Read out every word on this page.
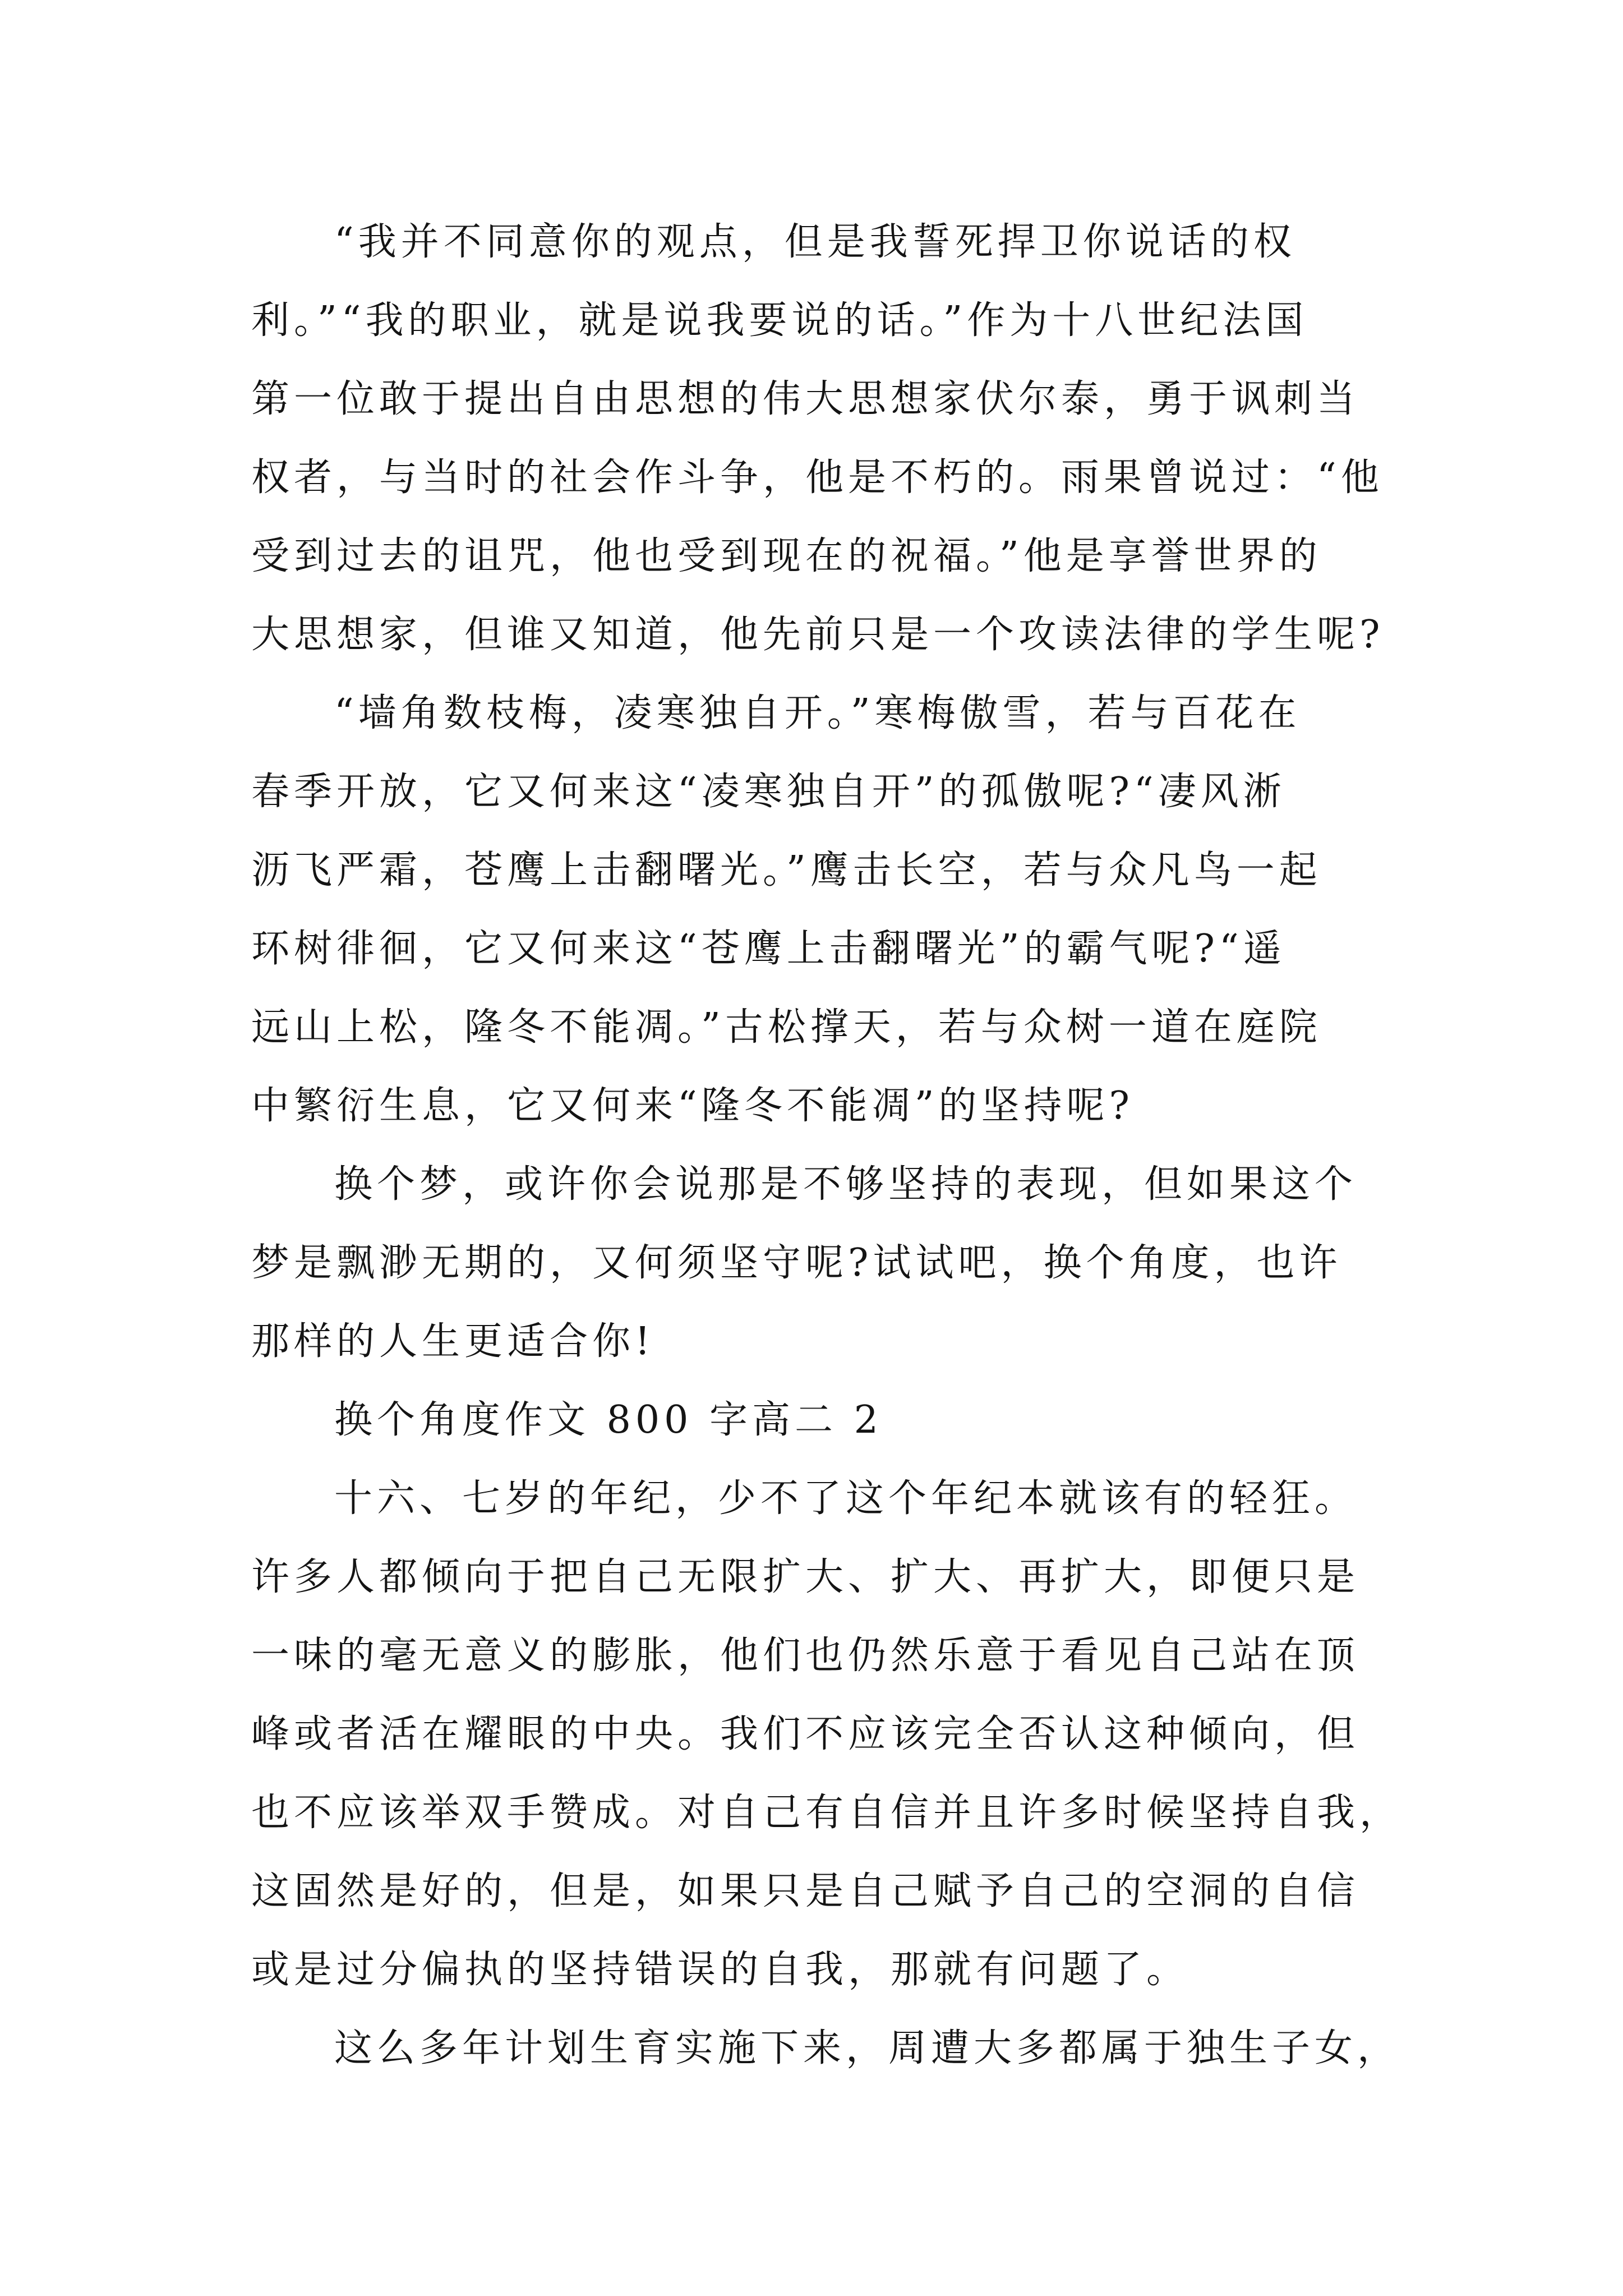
“我并不同意你的观点，但是我誓死捍卫你说话的权
利。”“我的职业，就是说我要说的话。”作为十八世纪法国
第一位敢于提出自由思想的伟大思想家伏尔泰，勇于讽刺当
权者，与当时的社会作斗争，他是不朽的。雨果曾说过：“他
受到过去的诅咒，他也受到现在的祝福。”他是享誉世界的
大思想家，但谁又知道，他先前只是一个攻读法律的学生呢?
“墙角数枝梅，凌寒独自开。”寒梅傲雪，若与百花在
春季开放，它又何来这“凌寒独自开”的孤傲呢?“凄风淅
沥飞严霜，苍鹰上击翻曙光。”鹰击长空，若与众凡鸟一起
环树徘徊，它又何来这“苍鹰上击翻曙光”的霸气呢?“遥
远山上松，隆冬不能凋。”古松撑天，若与众树一道在庭院
中繁衍生息，它又何来“隆冬不能凋”的坚持呢?
换个梦，或许你会说那是不够坚持的表现，但如果这个
梦是飘渺无期的，又何须坚守呢?试试吧，换个角度，也许
那样的人生更适合你!
换个角度作文 800 字高二 2
十六、七岁的年纪，少不了这个年纪本就该有的轻狂。
许多人都倾向于把自己无限扩大、扩大、再扩大，即便只是
一味的毫无意义的膨胀，他们也仍然乐意于看见自己站在顶
峰或者活在耀眼的中央。我们不应该完全否认这种倾向，但
也不应该举双手赞成。对自己有自信并且许多时候坚持自我，
这固然是好的，但是，如果只是自己赋予自己的空洞的自信
或是过分偏执的坚持错误的自我，那就有问题了。
这么多年计划生育实施下来，周遭大多都属于独生子女，
